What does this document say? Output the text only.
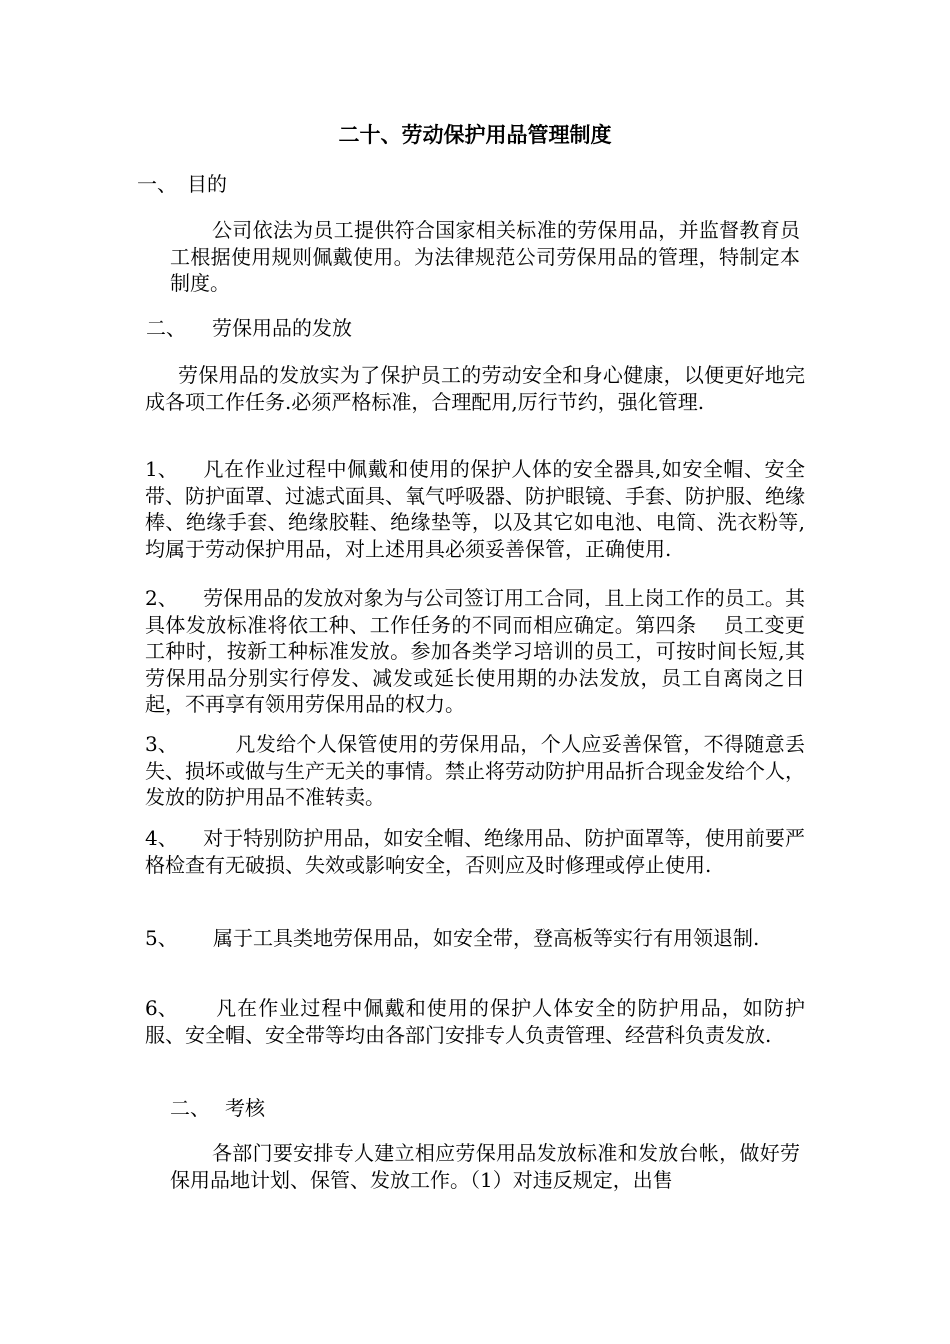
二十、劳动保护用品管理制度
一、 目的
公司依法为员工提供符合国家相关标准的劳保用品，并监督教育员工根据使用规则佩戴使用。为法律规范公司劳保用品的管理，特制定本制度。
二、 劳保用品的发放
劳保用品的发放实为了保护员工的劳动安全和身心健康，以便更好地完成各项工作任务.必须严格标准，合理配用,厉行节约，强化管理.
1、 凡在作业过程中佩戴和使用的保护人体的安全器具,如安全帽、安全带、防护面罩、过滤式面具、氧气呼吸器、防护眼镜、手套、防护服、绝缘棒、绝缘手套、绝缘胶鞋、绝缘垫等，以及其它如电池、电筒、洗衣粉等,均属于劳动保护用品，对上述用具必须妥善保管，正确使用.
2、 劳保用品的发放对象为与公司签订用工合同，且上岗工作的员工。其具体发放标准将依工种、工作任务的不同而相应确定。第四条　 员工变更工种时，按新工种标准发放。参加各类学习培训的员工，可按时间长短,其劳保用品分别实行停发、减发或延长使用期的办法发放，员工自离岗之日起，不再享有领用劳保用品的权力。
3、	凡发给个人保管使用的劳保用品，个人应妥善保管，不得随意丢失、损坏或做与生产无关的事情。禁止将劳动防护用品折合现金发给个人，发放的防护用品不准转卖。
4、 对于特别防护用品，如安全帽、绝缘用品、防护面罩等，使用前要严格检查有无破损、失效或影响安全，否则应及时修理或停止使用.
5、 属于工具类地劳保用品，如安全带，登高板等实行有用领退制.
6、 凡在作业过程中佩戴和使用的保护人体安全的防护用品，如防护服、安全帽、安全带等均由各部门安排专人负责管理、经营科负责发放.
二、 考核
各部门要安排专人建立相应劳保用品发放标准和发放台帐，做好劳保用品地计划、保管、发放工作。（1）对违反规定，出售
